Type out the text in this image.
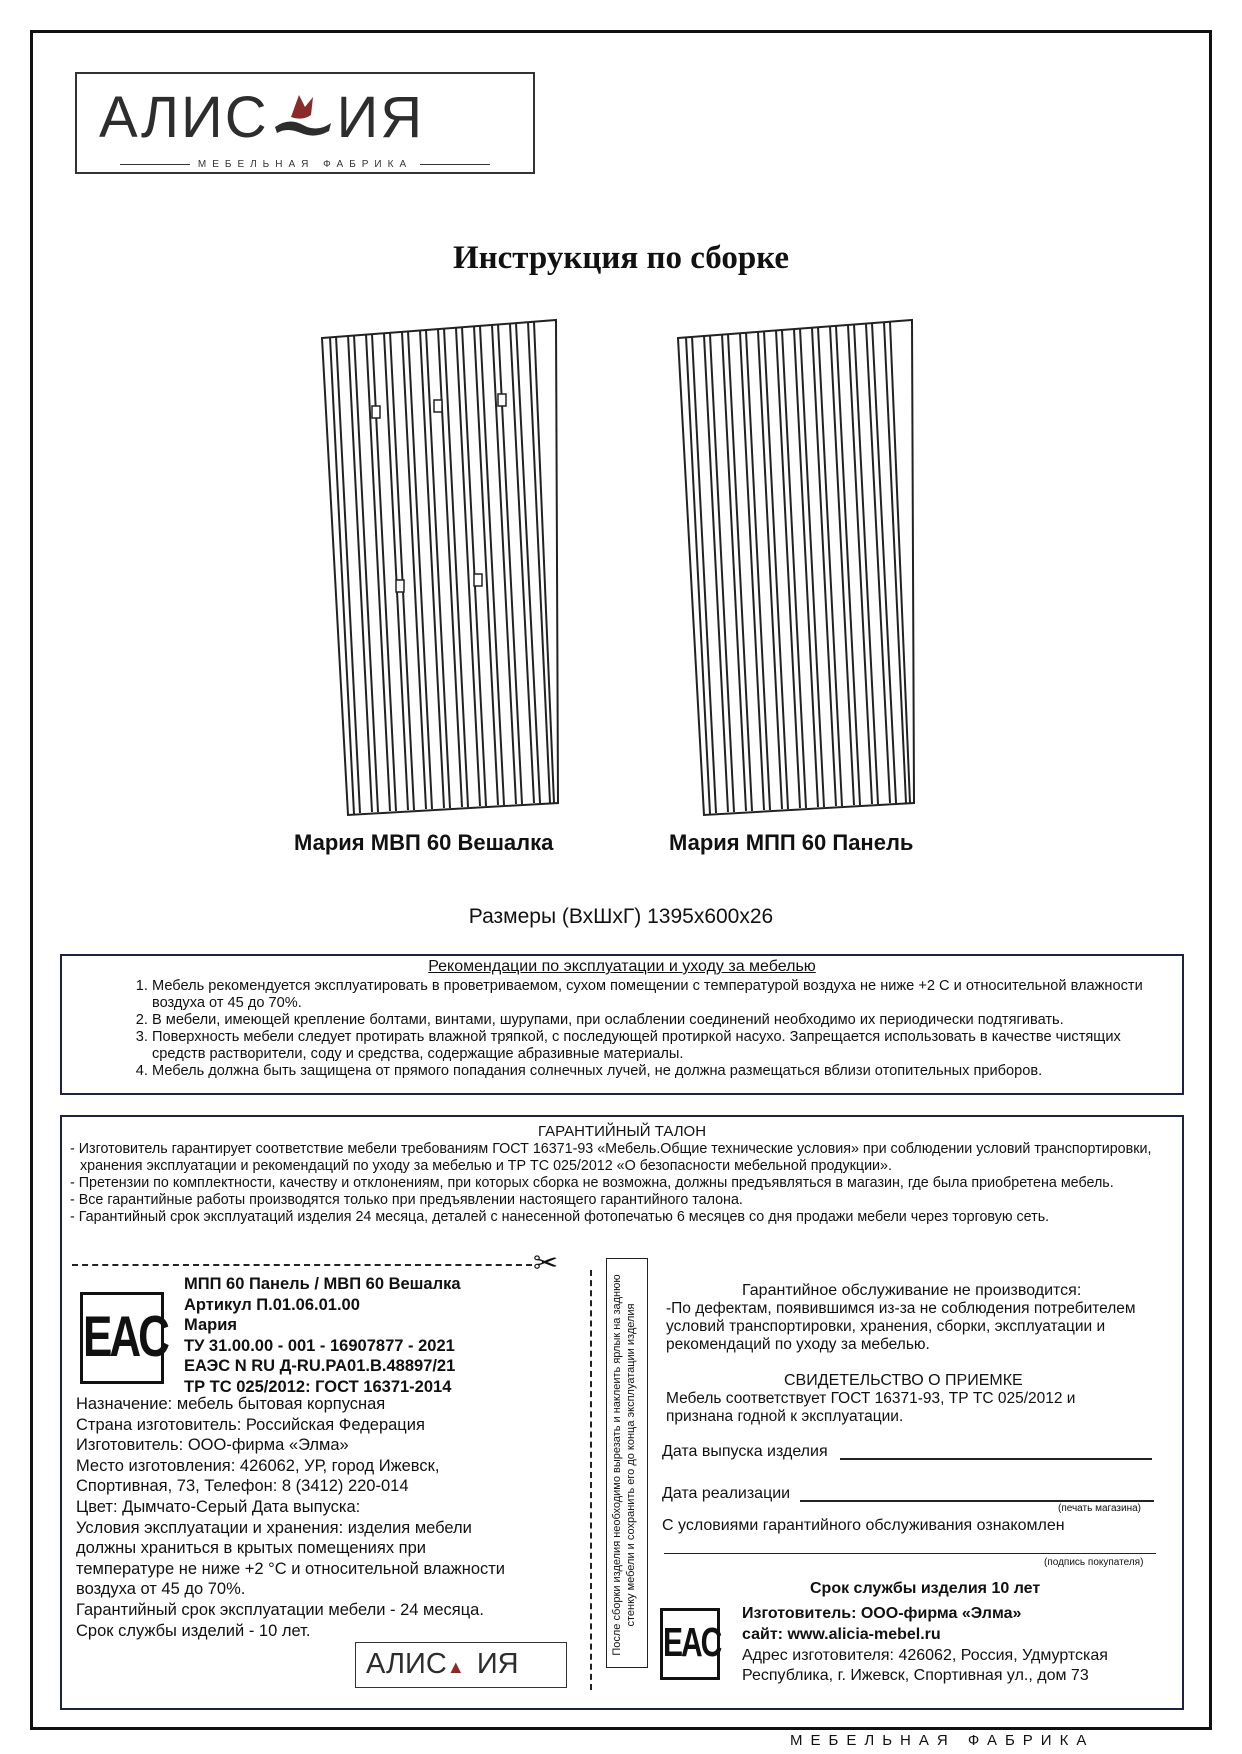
АЛИС ИЯ
МЕБЕЛЬНАЯ ФАБРИКА
Инструкция по сборке
Мария МВП 60 Вешалка	Мария МПП 60 Панель
Размеры (ВхШхГ) 1395х600х26
Рекомендации по эксплуатации и уходу за мебелью
1. Мебель рекомендуется эксплуатировать в проветриваемом, сухом помещении с температурой воздуха не ниже +2 С и относительной влажности воздуха от 45 до 70%.
2. В мебели, имеющей крепление болтами, винтами, шурупами, при ослаблении соединений необходимо их периодически подтягивать.
3. Поверхность мебели следует протирать влажной тряпкой, с последующей протиркой насухо. Запрещается использовать в качестве чистящих средств растворители, соду и средства, содержащие абразивные материалы.
4. Мебель должна быть защищена от прямого попадания солнечных лучей, не должна размещаться вблизи отопительных приборов.
ГАРАНТИЙНЫЙ ТАЛОН
- Изготовитель гарантирует соответствие мебели требованиям ГОСТ 16371-93 «Мебель.Общие технические условия» при соблюдении условий транспортировки, хранения эксплуатации и рекомендаций по уходу за мебелью и ТР ТС 025/2012 «О безопасности мебельной продукции».
- Претензии по комплектности, качеству и отклонениям, при которых сборка не возможна, должны предъявляться в магазин, где была приобретена мебель.
- Все гарантийные работы производятся только при предъявлении настоящего гарантийного талона.
- Гарантийный срок эксплуатаций изделия 24 месяца, деталей с нанесенной фотопечатью 6 месяцев со дня продажи мебели через торговую сеть.
✂
EAC
МПП 60 Панель / МВП 60 Вешалка
Артикул П.01.06.01.00
Мария
ТУ 31.00.00 - 001 - 16907877 - 2021
ЕАЭС N RU Д-RU.PA01.B.48897/21
ТР ТС 025/2012: ГОСТ 16371-2014
Назначение: мебель бытовая корпусная
Страна изготовитель: Российская Федерация
Изготовитель: ООО-фирма «Элма»
Место изготовления: 426062, УР, город Ижевск,
Спортивная, 73, Телефон: 8 (3412) 220-014
Цвет: Дымчато-Серый Дата выпуска:
Условия эксплуатации и хранения: изделия мебели
должны храниться в крытых помещениях при
температуре не ниже +2 °С и относительной влажности
воздуха от 45 до 70%.
Гарантийный срок эксплуатации мебели - 24 месяца.
Срок службы изделий - 10 лет.
АЛИС▲ ИЯ
После сборки изделия необходимо вырезать и наклеить ярлык на заднюю стенку мебели и сохранить его до конца эксплуатации изделия
Гарантийное обслуживание не производится:
-По дефектам, появившимся из-за не соблюдения потребителем
условий транспортировки, хранения, сборки, эксплуатации и
рекомендаций по уходу за мебелью.
СВИДЕТЕЛЬСТВО О ПРИЕМКЕ
Мебель соответствует ГОСТ 16371-93, ТР ТС 025/2012 и
признана годной к эксплуатации.
Дата выпуска изделия
Дата реализации
(печать магазина)
С условиями гарантийного обслуживания ознакомлен
(подпись покупателя)
Срок службы изделия 10 лет
EAC
Изготовитель: ООО-фирма «Элма»
сайт: www.alicia-mebel.ru
Адрес изготовителя: 426062, Россия, Удмуртская
Республика, г. Ижевск, Спортивная ул., дом 73
МЕБЕЛЬНАЯ ФАБРИКА
